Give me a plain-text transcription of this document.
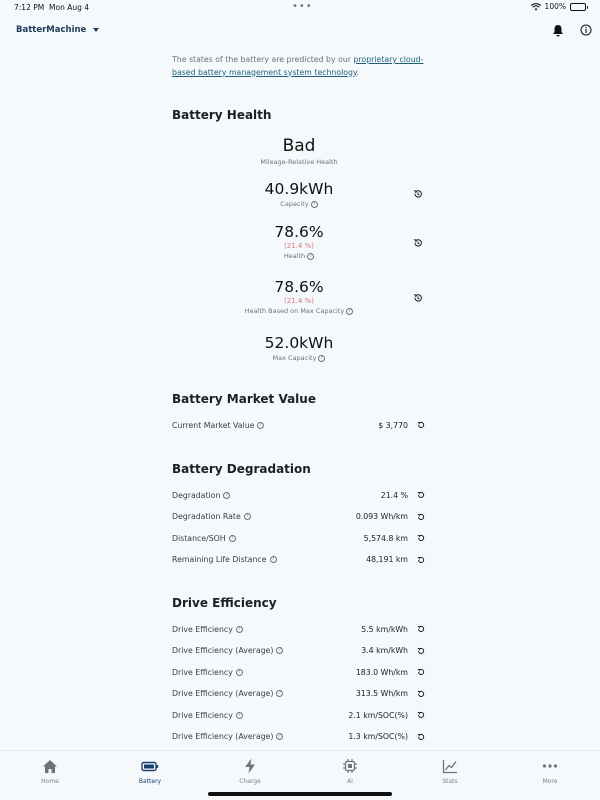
7:12 PM Mon Aug 4	•••	100%
BatterMachine

The states of the battery are predicted by our proprietary cloud-based battery management system technology.

Battery Health
Bad
Mileage-Relative Health
40.9kWh
Capacity ?
78.6%
(21.4 %)
Health ?
78.6%
(21.4 %)
Health Based on Max Capacity ?
52.0kWh
Max Capacity ?
Battery Market Value
Current Market Value	?	$ 3,770
Battery Degradation
Degradation	?	21.4 %
Degradation Rate	?	0.093 Wh/km
Distance/SOH	?	5,574.8 km
Remaining Life Distance	?	48,191 km
Drive Efficiency
Drive Efficiency	?	5.5 km/kWh
Drive Efficiency (Average)	?	3.4 km/kWh
Drive Efficiency	?	183.0 Wh/km
Drive Efficiency (Average)	?	313.5 Wh/km
Drive Efficiency	?	2.1 km/SOC(%)
Drive Efficiency (Average)	?	1.3 km/SOC(%)
Home	Battery	Charge	AI	Stats	More
